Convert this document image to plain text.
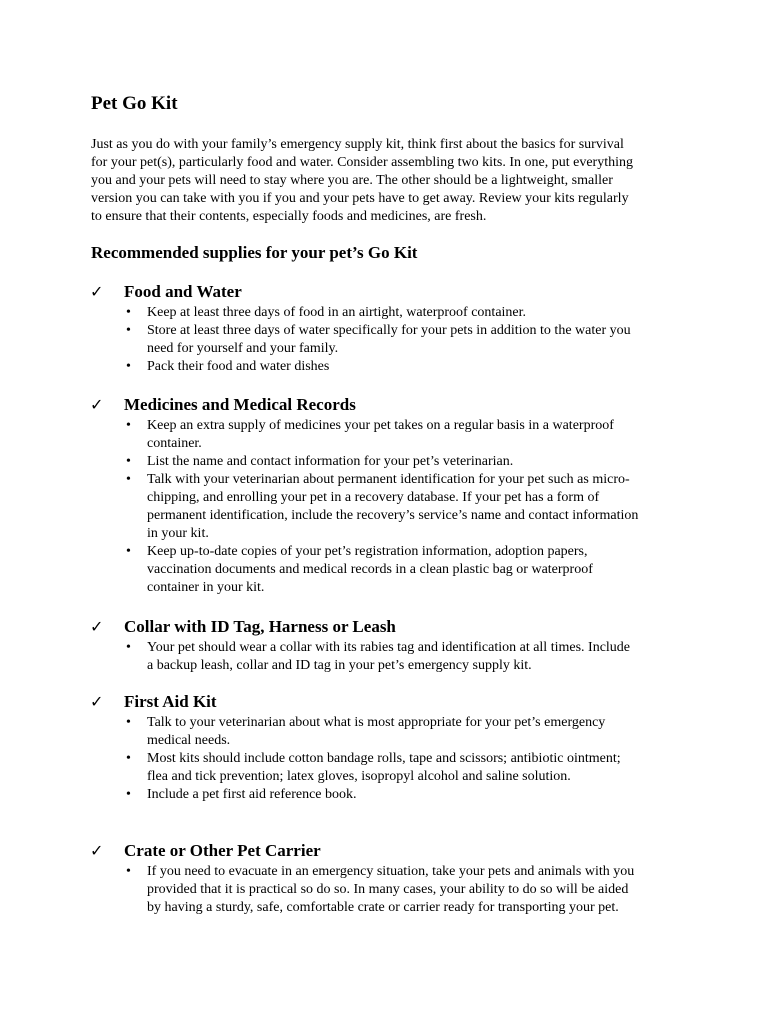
Pet Go Kit

Just as you do with your family’s emergency supply kit, think first about the basics for survival
for your pet(s), particularly food and water. Consider assembling two kits. In one, put everything
you and your pets will need to stay where you are. The other should be a lightweight, smaller
version you can take with you if you and your pets have to get away. Review your kits regularly
to ensure that their contents, especially foods and medicines, are fresh.

Recommended supplies for your pet’s Go Kit
✓ Food and Water
• Keep at least three days of food in an airtight, waterproof container.
• Store at least three days of water specifically for your pets in addition to the water you
need for yourself and your family.
• Pack their food and water dishes
✓ Medicines and Medical Records
• Keep an extra supply of medicines your pet takes on a regular basis in a waterproof
container.
• List the name and contact information for your pet’s veterinarian.
• Talk with your veterinarian about permanent identification for your pet such as micro-
chipping, and enrolling your pet in a recovery database. If your pet has a form of
permanent identification, include the recovery’s service’s name and contact information
in your kit.
• Keep up-to-date copies of your pet’s registration information, adoption papers,
vaccination documents and medical records in a clean plastic bag or waterproof
container in your kit.
✓ Collar with ID Tag, Harness or Leash
• Your pet should wear a collar with its rabies tag and identification at all times. Include
a backup leash, collar and ID tag in your pet’s emergency supply kit.
✓ First Aid Kit
• Talk to your veterinarian about what is most appropriate for your pet’s emergency
medical needs.
• Most kits should include cotton bandage rolls, tape and scissors; antibiotic ointment;
flea and tick prevention; latex gloves, isopropyl alcohol and saline solution.
• Include a pet first aid reference book.
✓ Crate or Other Pet Carrier
• If you need to evacuate in an emergency situation, take your pets and animals with you
provided that it is practical so do so. In many cases, your ability to do so will be aided
by having a sturdy, safe, comfortable crate or carrier ready for transporting your pet.
